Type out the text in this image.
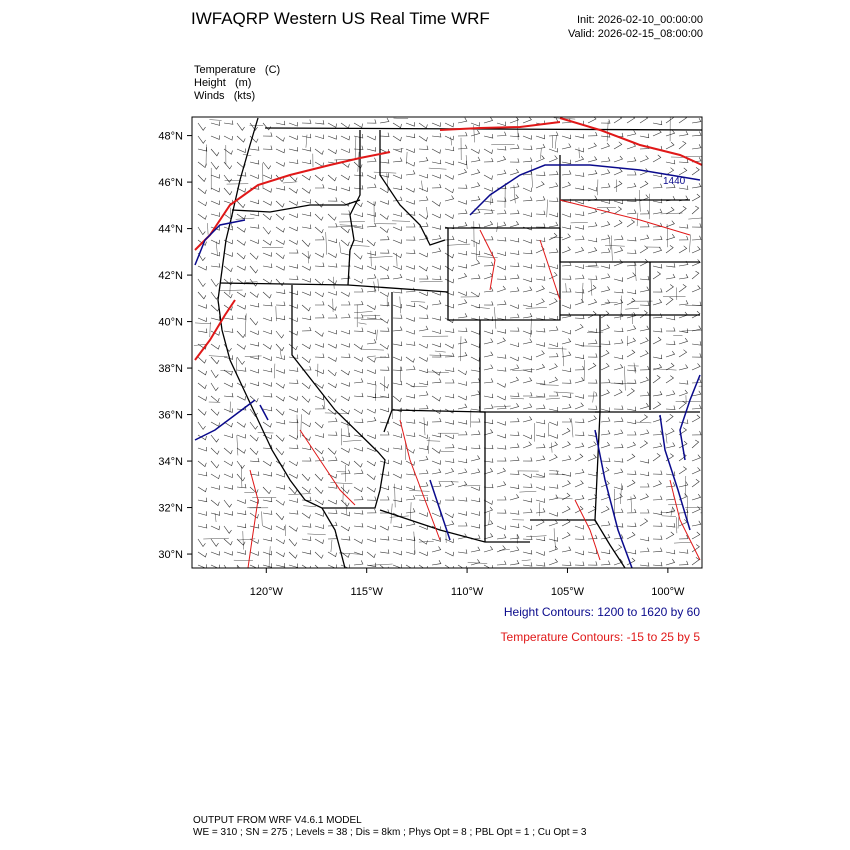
IWFAQRP Western US Real Time WRF	Init: 2026-02-10_00:00:00
Valid: 2026-02-15_08:00:00
Temperature   (C)
Height   (m)
Winds   (kts)
1440
48°N
46°N
44°N
42°N
40°N
38°N
36°N
34°N
32°N
30°N
120°W	115°W	110°W	105°W	100°W
Height Contours: 1200 to 1620 by 60
Temperature Contours: -15 to 25 by 5
OUTPUT FROM WRF V4.6.1 MODEL
WE = 310 ; SN = 275 ; Levels = 38 ; Dis = 8km ; Phys Opt = 8 ; PBL Opt = 1 ; Cu Opt = 3
